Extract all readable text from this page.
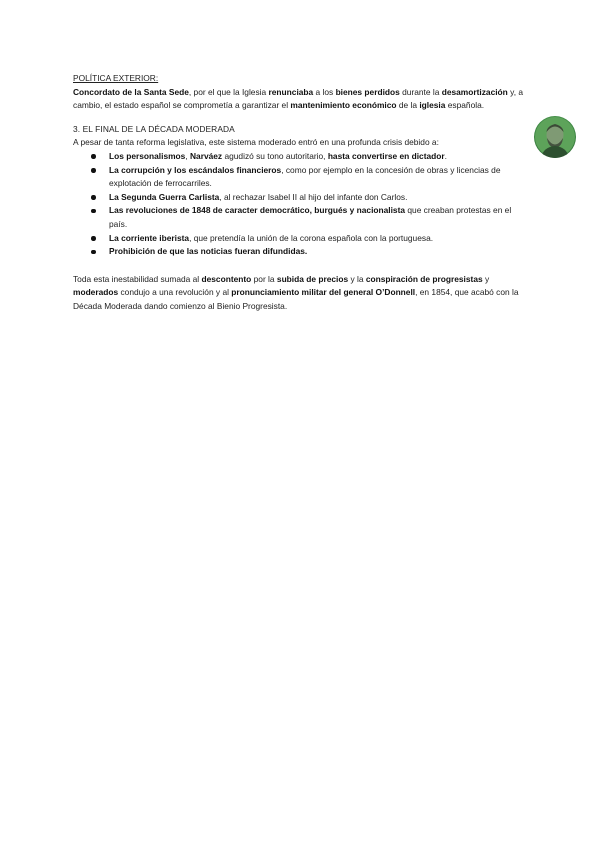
POLÍTICA EXTERIOR:

Concordato de la Santa Sede, por el que la Iglesia renunciaba a los bienes perdidos durante la desamortización y, a cambio, el estado español se comprometía a garantizar el mantenimiento económico de la iglesia española.

3. EL FINAL DE LA DÉCADA MODERADA

A pesar de tanta reforma legislativa, este sistema moderado entró en una profunda crisis debido a:

Los personalismos, Narváez agudizó su tono autoritario, hasta convertirse en dictador.
La corrupción y los escándalos financieros, como por ejemplo en la concesión de obras y licencias de explotación de ferrocarriles.
La Segunda Guerra Carlista, al rechazar Isabel II al hijo del infante don Carlos.
Las revoluciones de 1848 de caracter democrático, burgués y nacionalista que creaban protestas en el país.
La corriente iberista, que pretendía la unión de la corona española con la portuguesa.
Prohibición de que las noticias fueran difundidas.

Toda esta inestabilidad sumada al descontento por la subida de precios y la conspiración de progresistas y moderados condujo a una revolución y al pronunciamiento militar del general O’Donnell, en 1854, que acabó con la Década Moderada dando comienzo al Bienio Progresista.
